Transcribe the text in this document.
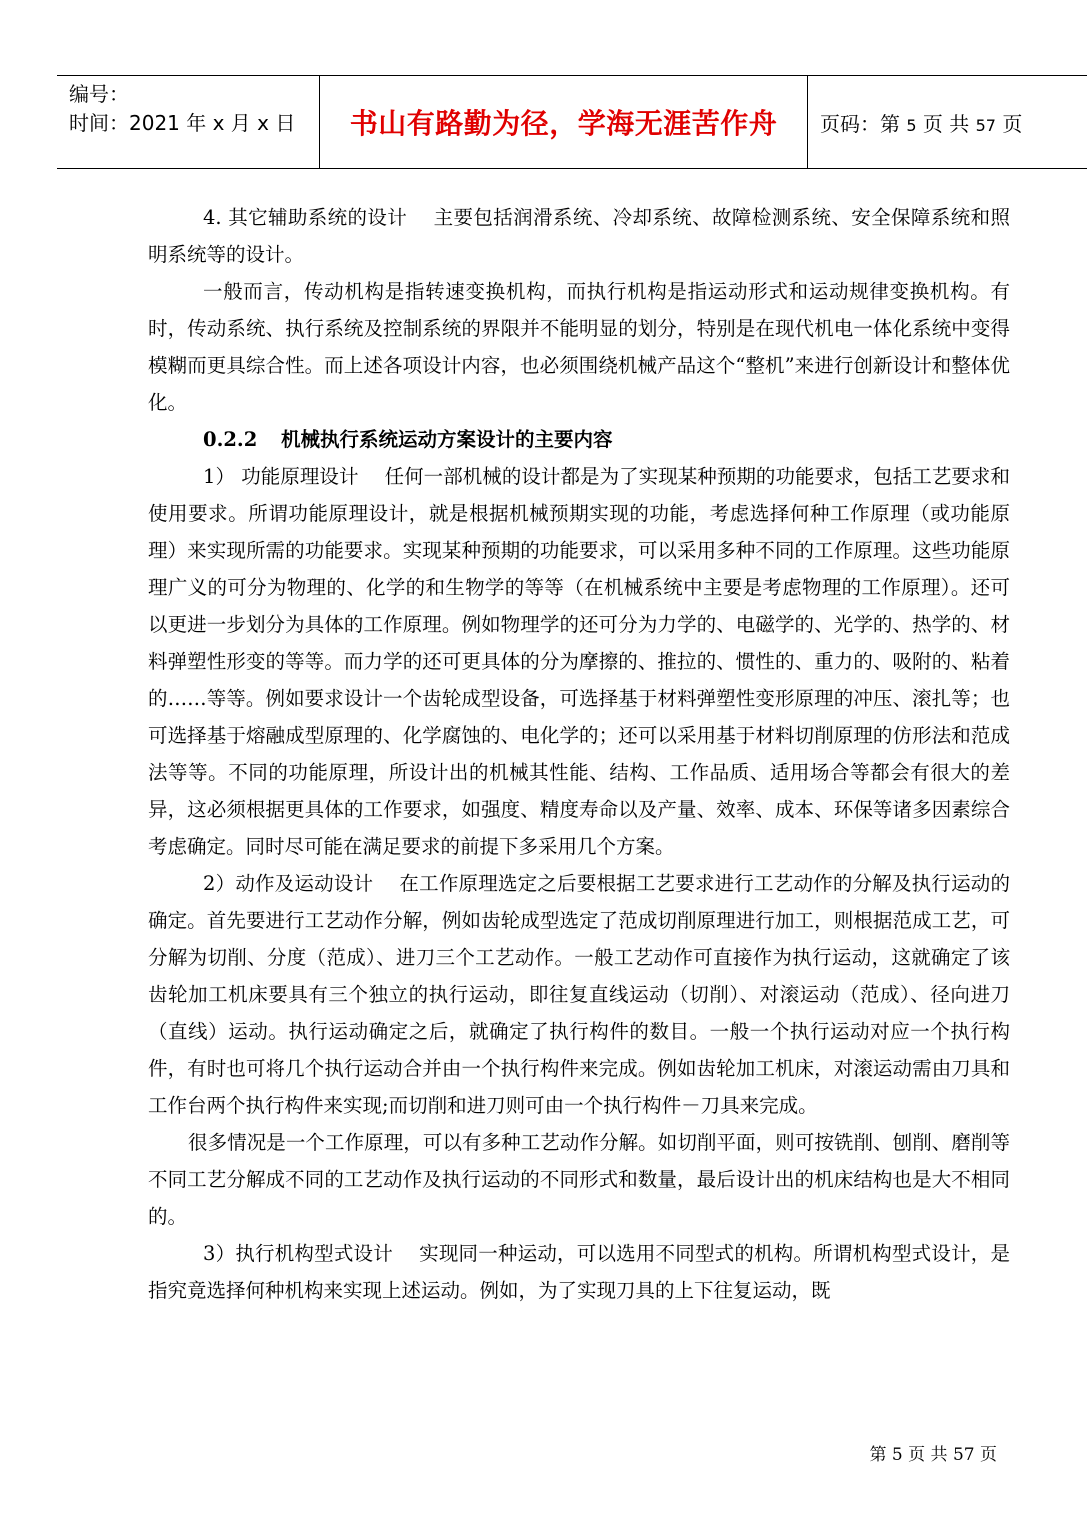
编号：
时间：2021 年 x 月 x 日 书山有路勤为径，学海无涯苦作舟 页码：第 5 页 共 57 页

4. 其它辅助系统的设计 主要包括润滑系统、冷却系统、故障检测系统、安全保障系统和照明系统等的设计。

一般而言，传动机构是指转速变换机构，而执行机构是指运动形式和运动规律变换机构。有时，传动系统、执行系统及控制系统的界限并不能明显的划分，特别是在现代机电一体化系统中变得模糊而更具综合性。而上述各项设计内容，也必须围绕机械产品这个“整机”来进行创新设计和整体优化。

0.2.2 机械执行系统运动方案设计的主要内容

1） 功能原理设计 任何一部机械的设计都是为了实现某种预期的功能要求，包括工艺要求和使用要求。所谓功能原理设计，就是根据机械预期实现的功能，考虑选择何种工作原理（或功能原理）来实现所需的功能要求。实现某种预期的功能要求，可以采用多种不同的工作原理。这些功能原理广义的可分为物理的、化学的和生物学的等等（在机械系统中主要是考虑物理的工作原理）。还可以更进一步划分为具体的工作原理。例如物理学的还可分为力学的、电磁学的、光学的、热学的、材料弹塑性形变的等等。而力学的还可更具体的分为摩擦的、推拉的、惯性的、重力的、吸附的、粘着的……等等。例如要求设计一个齿轮成型设备，可选择基于材料弹塑性变形原理的冲压、滚扎等；也可选择基于熔融成型原理的、化学腐蚀的、电化学的；还可以采用基于材料切削原理的仿形法和范成法等等。不同的功能原理，所设计出的机械其性能、结构、工作品质、适用场合等都会有很大的差异，这必须根据更具体的工作要求，如强度、精度寿命以及产量、效率、成本、环保等诸多因素综合考虑确定。同时尽可能在满足要求的前提下多采用几个方案。

2）动作及运动设计 在工作原理选定之后要根据工艺要求进行工艺动作的分解及执行运动的确定。首先要进行工艺动作分解，例如齿轮成型选定了范成切削原理进行加工，则根据范成工艺，可分解为切削、分度（范成）、进刀三个工艺动作。一般工艺动作可直接作为执行运动，这就确定了该齿轮加工机床要具有三个独立的执行运动，即往复直线运动（切削）、对滚运动（范成）、径向进刀（直线）运动。执行运动确定之后，就确定了执行构件的数目。一般一个执行运动对应一个执行构件，有时也可将几个执行运动合并由一个执行构件来完成。例如齿轮加工机床，对滚运动需由刀具和工作台两个执行构件来实现;而切削和进刀则可由一个执行构件－刀具来完成。

很多情况是一个工作原理，可以有多种工艺动作分解。如切削平面，则可按铣削、刨削、磨削等不同工艺分解成不同的工艺动作及执行运动的不同形式和数量，最后设计出的机床结构也是大不相同的。

3）执行机构型式设计 实现同一种运动，可以选用不同型式的机构。所谓机构型式设计，是指究竟选择何种机构来实现上述运动。例如，为了实现刀具的上下往复运动，既

第 5 页 共 57 页
